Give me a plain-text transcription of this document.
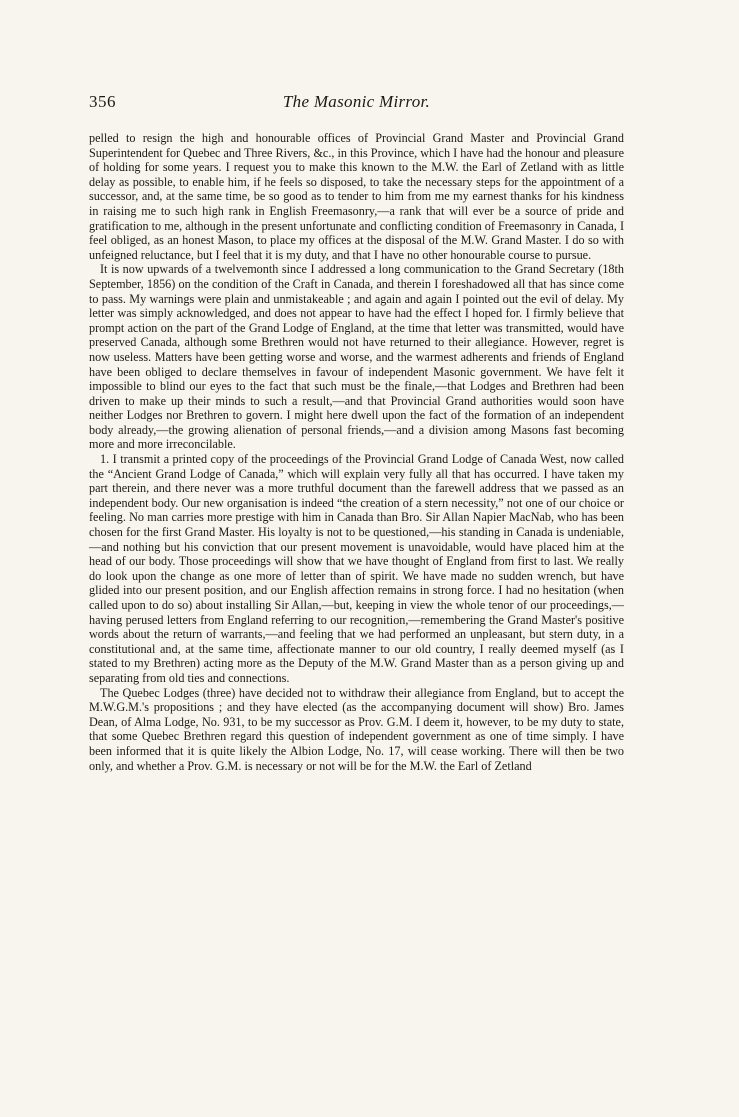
356	The Masonic Mirror.

pelled to resign the high and honourable offices of Provincial Grand Master and Provincial Grand Superintendent for Quebec and Three Rivers, &c., in this Province, which I have had the honour and pleasure of holding for some years. I request you to make this known to the M.W. the Earl of Zetland with as little delay as possible, to enable him, if he feels so disposed, to take the necessary steps for the appointment of a successor, and, at the same time, be so good as to tender to him from me my earnest thanks for his kindness in raising me to such high rank in English Freemasonry,—a rank that will ever be a source of pride and gratification to me, although in the present unfortunate and conflicting condition of Freemasonry in Canada, I feel obliged, as an honest Mason, to place my offices at the disposal of the M.W. Grand Master. I do so with unfeigned reluctance, but I feel that it is my duty, and that I have no other honourable course to pursue.

It is now upwards of a twelvemonth since I addressed a long communication to the Grand Secretary (18th September, 1856) on the condition of the Craft in Canada, and therein I foreshadowed all that has since come to pass. My warnings were plain and unmistakeable ; and again and again I pointed out the evil of delay. My letter was simply acknowledged, and does not appear to have had the effect I hoped for. I firmly believe that prompt action on the part of the Grand Lodge of England, at the time that letter was transmitted, would have preserved Canada, although some Brethren would not have returned to their allegiance. However, regret is now useless. Matters have been getting worse and worse, and the warmest adherents and friends of England have been obliged to declare themselves in favour of independent Masonic government. We have felt it impossible to blind our eyes to the fact that such must be the finale,—that Lodges and Brethren had been driven to make up their minds to such a result,—and that Provincial Grand authorities would soon have neither Lodges nor Brethren to govern. I might here dwell upon the fact of the formation of an independent body already,—the growing alienation of personal friends,—and a division among Masons fast becoming more and more irreconcilable.

1. I transmit a printed copy of the proceedings of the Provincial Grand Lodge of Canada West, now called the “Ancient Grand Lodge of Canada,” which will explain very fully all that has occurred. I have taken my part therein, and there never was a more truthful document than the farewell address that we passed as an independent body. Our new organisation is indeed “the creation of a stern necessity,” not one of our choice or feeling. No man carries more prestige with him in Canada than Bro. Sir Allan Napier MacNab, who has been chosen for the first Grand Master. His loyalty is not to be questioned,—his standing in Canada is undeniable,—and nothing but his conviction that our present movement is unavoidable, would have placed him at the head of our body. Those proceedings will show that we have thought of England from first to last. We really do look upon the change as one more of letter than of spirit. We have made no sudden wrench, but have glided into our present position, and our English affection remains in strong force. I had no hesitation (when called upon to do so) about installing Sir Allan,—but, keeping in view the whole tenor of our proceedings,—having perused letters from England referring to our recognition,—remembering the Grand Master's positive words about the return of warrants,—and feeling that we had performed an unpleasant, but stern duty, in a constitutional and, at the same time, affectionate manner to our old country, I really deemed myself (as I stated to my Brethren) acting more as the Deputy of the M.W. Grand Master than as a person giving up and separating from old ties and connections.

The Quebec Lodges (three) have decided not to withdraw their allegiance from England, but to accept the M.W.G.M.'s propositions ; and they have elected (as the accompanying document will show) Bro. James Dean, of Alma Lodge, No. 931, to be my successor as Prov. G.M. I deem it, however, to be my duty to state, that some Quebec Brethren regard this question of independent government as one of time simply. I have been informed that it is quite likely the Albion Lodge, No. 17, will cease working. There will then be two only, and whether a Prov. G.M. is necessary or not will be for the M.W. the Earl of Zetland
